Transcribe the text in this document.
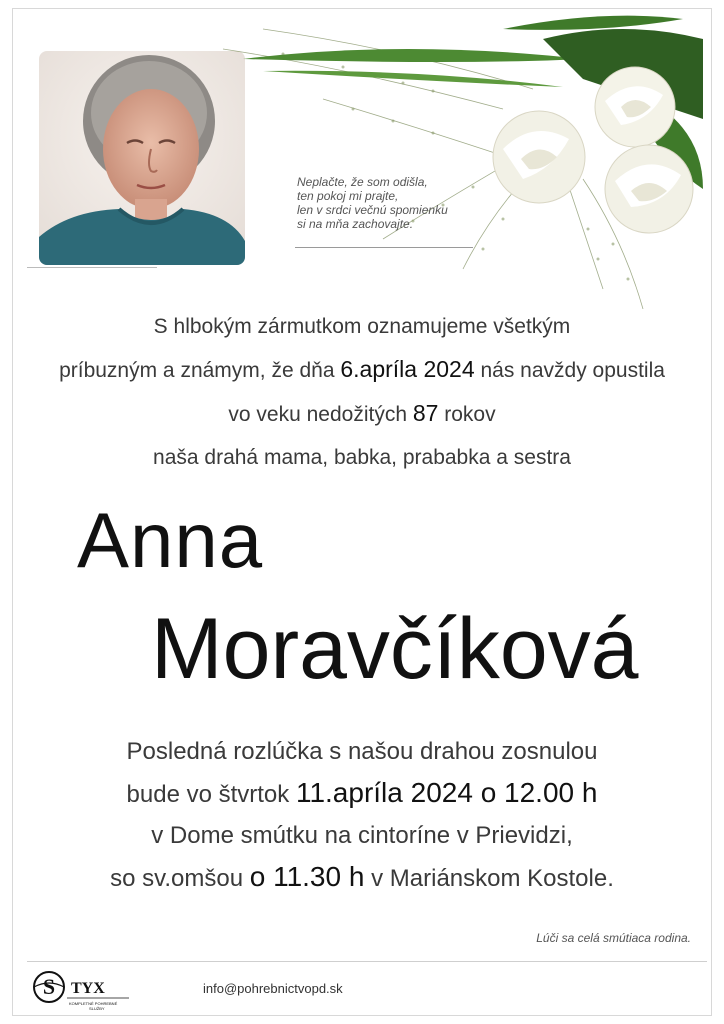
Neplačte, že som odišla,
ten pokoj mi prajte,
len v srdci večnú spomienku
si na mňa zachovajte.
S hlbokým zármutkom oznamujeme všetkým
príbuzným a známym, že dňa 6.apríla 2024 nás navždy opustila
vo veku nedožitých 87 rokov
naša drahá mama, babka, prababka a sestra
Anna
Moravčíková
Posledná rozlúčka s našou drahou zosnulou
bude vo štvrtok 11.apríla 2024 o 12.00 h
v Dome smútku na cintoríne v Prievidzi,
so sv.omšou o 11.30 h v Mariánskom Kostole.
Lúči sa celá smútiaca rodina.
S TYX
KOMPLETNÉ POHREBNÉ
SLUŽBY
info@pohrebnictvopd.sk
